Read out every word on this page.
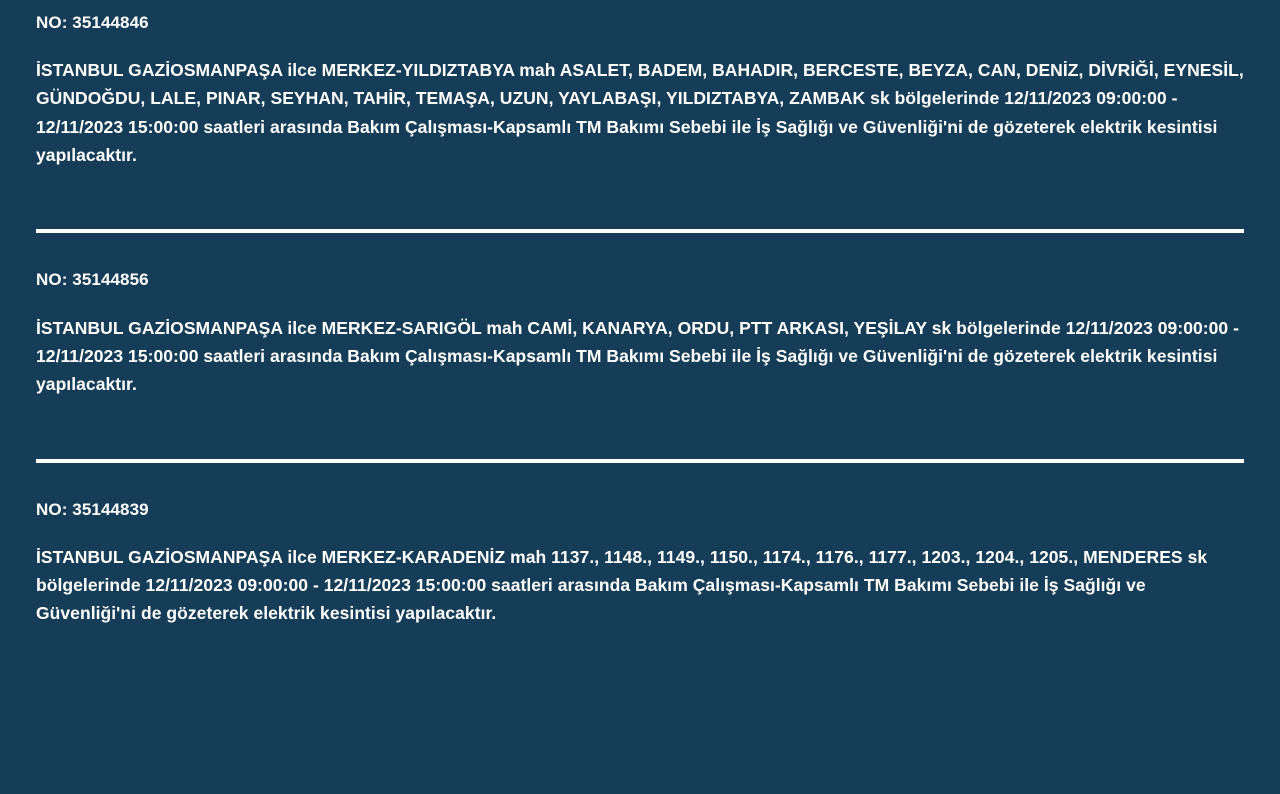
NO: 35144846

İSTANBUL GAZİOSMANPAŞA ilce MERKEZ-YILDIZTABYA mah ASALET, BADEM, BAHADIR, BERCESTE, BEYZA, CAN, DENİZ, DİVRİĞİ, EYNESİL, GÜNDOĞDU, LALE, PINAR, SEYHAN, TAHİR, TEMAŞA, UZUN, YAYLABAŞI, YILDIZTABYA, ZAMBAK sk bölgelerinde 12/11/2023 09:00:00 - 12/11/2023 15:00:00 saatleri arasında Bakım Çalışması-Kapsamlı TM Bakımı Sebebi ile İş Sağlığı ve Güvenliği'ni de gözeterek elektrik kesintisi yapılacaktır.

NO: 35144856

İSTANBUL GAZİOSMANPAŞA ilce MERKEZ-SARIGÖL mah CAMİ, KANARYA, ORDU, PTT ARKASI, YEŞİLAY sk bölgelerinde 12/11/2023 09:00:00 - 12/11/2023 15:00:00 saatleri arasında Bakım Çalışması-Kapsamlı TM Bakımı Sebebi ile İş Sağlığı ve Güvenliği'ni de gözeterek elektrik kesintisi yapılacaktır.

NO: 35144839

İSTANBUL GAZİOSMANPAŞA ilce MERKEZ-KARADENİZ mah 1137., 1148., 1149., 1150., 1174., 1176., 1177., 1203., 1204., 1205., MENDERES sk bölgelerinde 12/11/2023 09:00:00 - 12/11/2023 15:00:00 saatleri arasında Bakım Çalışması-Kapsamlı TM Bakımı Sebebi ile İş Sağlığı ve Güvenliği'ni de gözeterek elektrik kesintisi yapılacaktır.
